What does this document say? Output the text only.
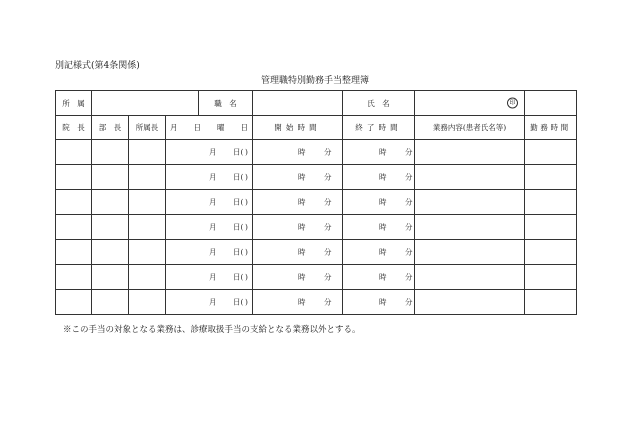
別記様式(第4条関係)
管理職特別勤務手当整理簿
所　属				職　名		氏　名	印	

院　長	部　長	所属長	月 日 曜 日		開始時間	終了時間	業務内容(患者氏名等)	勤務時間

			月 日( )		時 分	時 分		

			月 日( )		時 分	時 分		

			月 日( )		時 分	時 分		

			月 日( )		時 分	時 分		

			月 日( )		時 分	時 分		

			月 日( )		時 分	時 分		

			月 日( )		時 分	時 分		

※この手当の対象となる業務は、診療取扱手当の支給となる業務以外とする。
